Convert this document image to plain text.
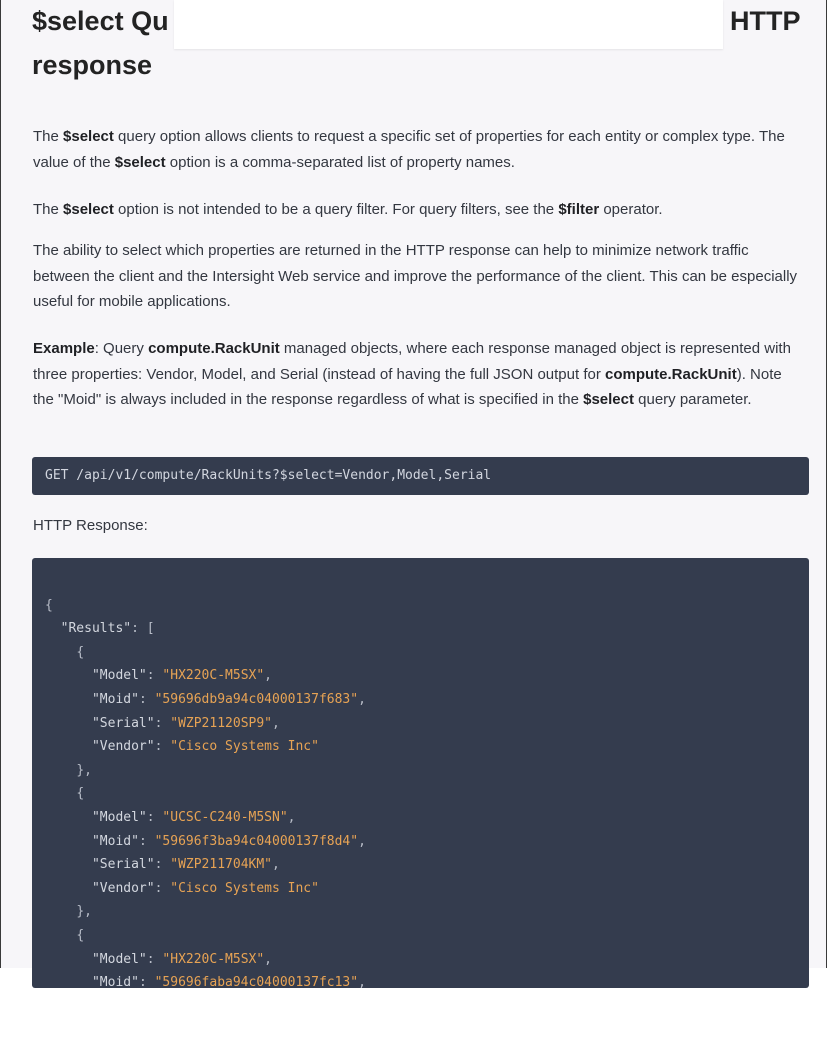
$select Qu	HTTP
response

The $select query option allows clients to request a specific set of properties for each entity or complex type. The value of the $select option is a comma-separated list of property names.

The $select option is not intended to be a query filter. For query filters, see the $filter operator.

The ability to select which properties are returned in the HTTP response can help to minimize network traffic between the client and the Intersight Web service and improve the performance of the client. This can be especially useful for mobile applications.

Example: Query compute.RackUnit managed objects, where each response managed object is represented with three properties: Vendor, Model, and Serial (instead of having the full JSON output for compute.RackUnit). Note the "Moid" is always included in the response regardless of what is specified in the $select query parameter.

GET /api/v1/compute/RackUnits?$select=Vendor,Model,Serial

HTTP Response:

{
"Results": [
{
"Model": "HX220C-M5SX",
"Moid": "59696db9a94c04000137f683",
"Serial": "WZP21120SP9",
"Vendor": "Cisco Systems Inc"
},
{
"Model": "UCSC-C240-M5SN",
"Moid": "59696f3ba94c04000137f8d4",
"Serial": "WZP211704KM",
"Vendor": "Cisco Systems Inc"
},
{
"Model": "HX220C-M5SX",
"Moid": "59696faba94c04000137fc13",
